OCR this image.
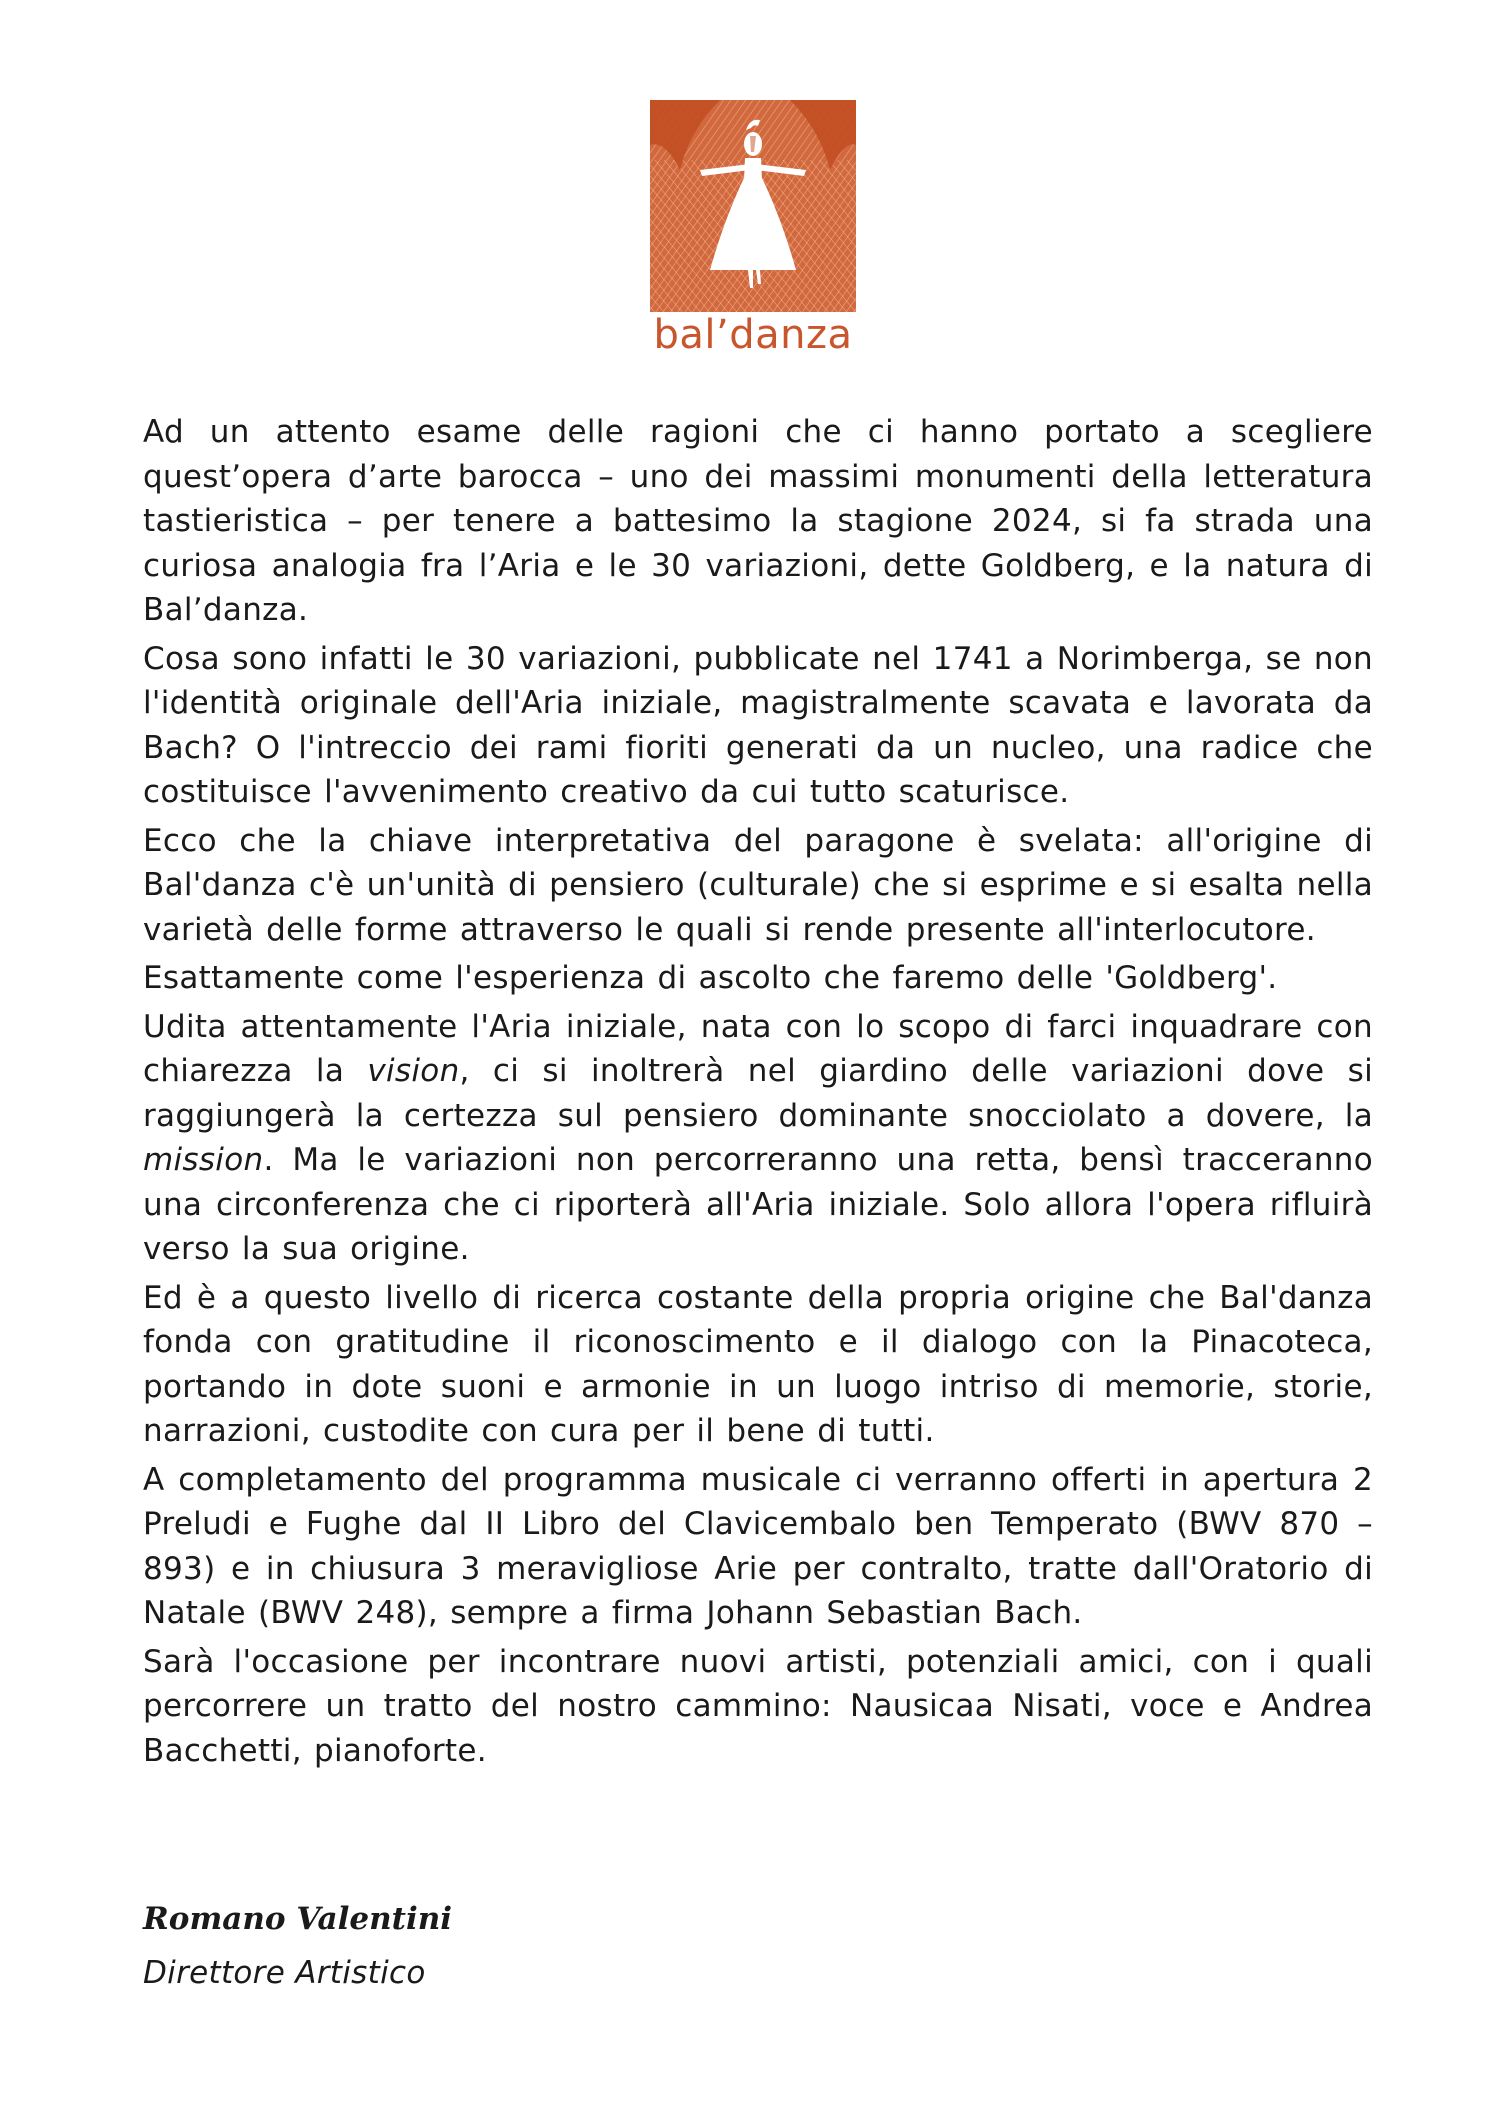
bal’danza

Ad un attento esame delle ragioni che ci hanno portato a scegliere quest’opera d’arte barocca – uno dei massimi monumenti della letteratura tastieristica – per tenere a battesimo la stagione 2024, si fa strada una curiosa analogia fra l’Aria e le 30 variazioni, dette Goldberg, e la natura di Bal’danza.

Cosa sono infatti le 30 variazioni, pubblicate nel 1741 a Norimberga, se non l'identità originale dell'Aria iniziale, magistralmente scavata e lavorata da Bach? O l'intreccio dei rami fioriti generati da un nucleo, una radice che costituisce l'avvenimento creativo da cui tutto scaturisce.

Ecco che la chiave interpretativa del paragone è svelata: all'origine di Bal'danza c'è un'unità di pensiero (culturale) che si esprime e si esalta nella varietà delle forme attraverso le quali si rende presente all'interlocutore.

Esattamente come l'esperienza di ascolto che faremo delle 'Goldberg'.

Udita attentamente l'Aria iniziale, nata con lo scopo di farci inquadrare con chiarezza la vision, ci si inoltrerà nel giardino delle variazioni dove si raggiungerà la certezza sul pensiero dominante snocciolato a dovere, la mission. Ma le variazioni non percorreranno una retta, bensì tracceranno una circonferenza che ci riporterà all'Aria iniziale. Solo allora l'opera rifluirà verso la sua origine.

Ed è a questo livello di ricerca costante della propria origine che Bal'danza fonda con gratitudine il riconoscimento e il dialogo con la Pinacoteca, portando in dote suoni e armonie in un luogo intriso di memorie, storie, narrazioni, custodite con cura per il bene di tutti.

A completamento del programma musicale ci verranno offerti in apertura 2 Preludi e Fughe dal II Libro del Clavicembalo ben Temperato (BWV 870 – 893) e in chiusura 3 meravigliose Arie per contralto, tratte dall'Oratorio di Natale (BWV 248), sempre a firma Johann Sebastian Bach.

Sarà l'occasione per incontrare nuovi artisti, potenziali amici, con i quali percorrere un tratto del nostro cammino: Nausicaa Nisati, voce e Andrea Bacchetti, pianoforte.

Romano Valentini

Direttore Artistico
